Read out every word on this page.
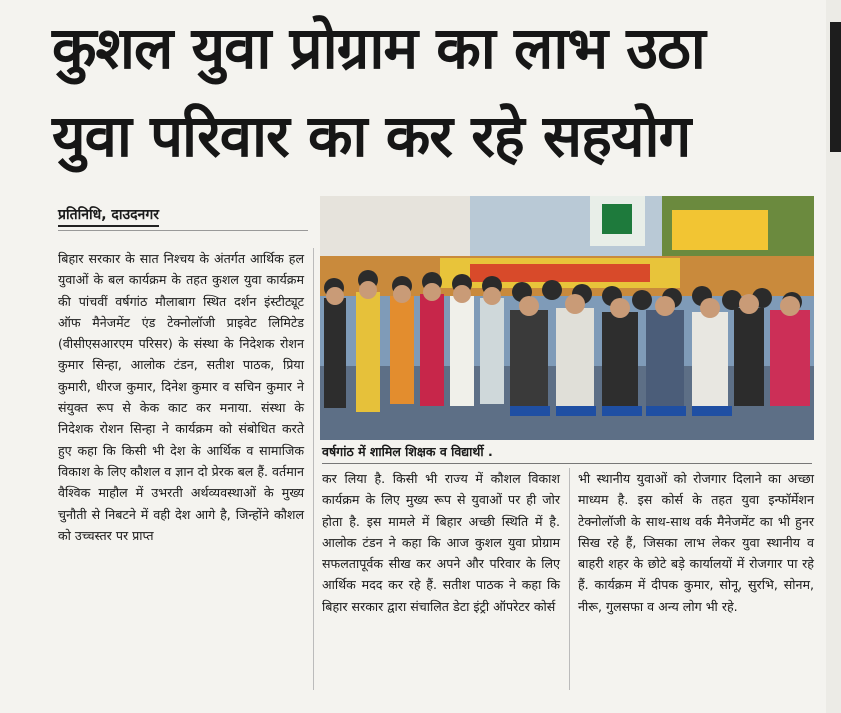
कुशल युवा प्रोग्राम का लाभ उठा
युवा परिवार का कर रहे सहयोग
प्रतिनिधि, दाउदनगर

बिहार सरकार के सात निश्चय के अंतर्गत आर्थिक हल युवाओं के बल कार्यक्रम के तहत कुशल युवा कार्यक्रम की पांचवीं वर्षगांठ मौलाबाग स्थित दर्शन इंस्टीट्यूट ऑफ मैनेजमेंट एंड टेक्नोलॉजी प्राइवेट लिमिटेड (वीसीएसआरएम परिसर) के संस्था के निदेशक रोशन कुमार सिन्हा, आलोक टंडन, सतीश पाठक, प्रिया कुमारी, धीरज कुमार, दिनेश कुमार व सचिन कुमार ने संयुक्त रूप से केक काट कर मनाया. संस्था के निदेशक रोशन सिन्हा ने कार्यक्रम को संबोधित करते हुए कहा कि किसी भी देश के आर्थिक व सामाजिक विकाश के लिए कौशल व ज्ञान दो प्रेरक बल हैं. वर्तमान वैश्विक माहौल में उभरती अर्थव्यवस्थाओं के मुख्य चुनौती से निबटने में वही देश आगे है, जिन्होंने कौशल को उच्चस्तर पर प्राप्त

वर्षगांठ में शामिल शिक्षक व विद्यार्थी .

कर लिया है. किसी भी राज्य में कौशल विकाश कार्यक्रम के लिए मुख्य रूप से युवाओं पर ही जोर होता है. इस मामले में बिहार अच्छी स्थिति में है. आलोक टंडन ने कहा कि आज कुशल युवा प्रोग्राम सफलतापूर्वक सीख कर अपने और परिवार के लिए आर्थिक मदद कर रहे हैं. सतीश पाठक ने कहा कि बिहार सरकार द्वारा संचालित डेटा इंट्री ऑपरेटर कोर्स

भी स्थानीय युवाओं को रोजगार दिलाने का अच्छा माध्यम है. इस कोर्स के तहत युवा इन्फॉर्मेशन टेक्नोलॉजी के साथ-साथ वर्क मैनेजमेंट का भी हुनर सिख रहे हैं, जिसका लाभ लेकर युवा स्थानीय व बाहरी शहर के छोटे बड़े कार्यालयों में रोजगार पा रहे हैं. कार्यक्रम में दीपक कुमार, सोनू, सुरभि, सोनम, नीरू, गुलसफा व अन्य लोग भी रहे.
